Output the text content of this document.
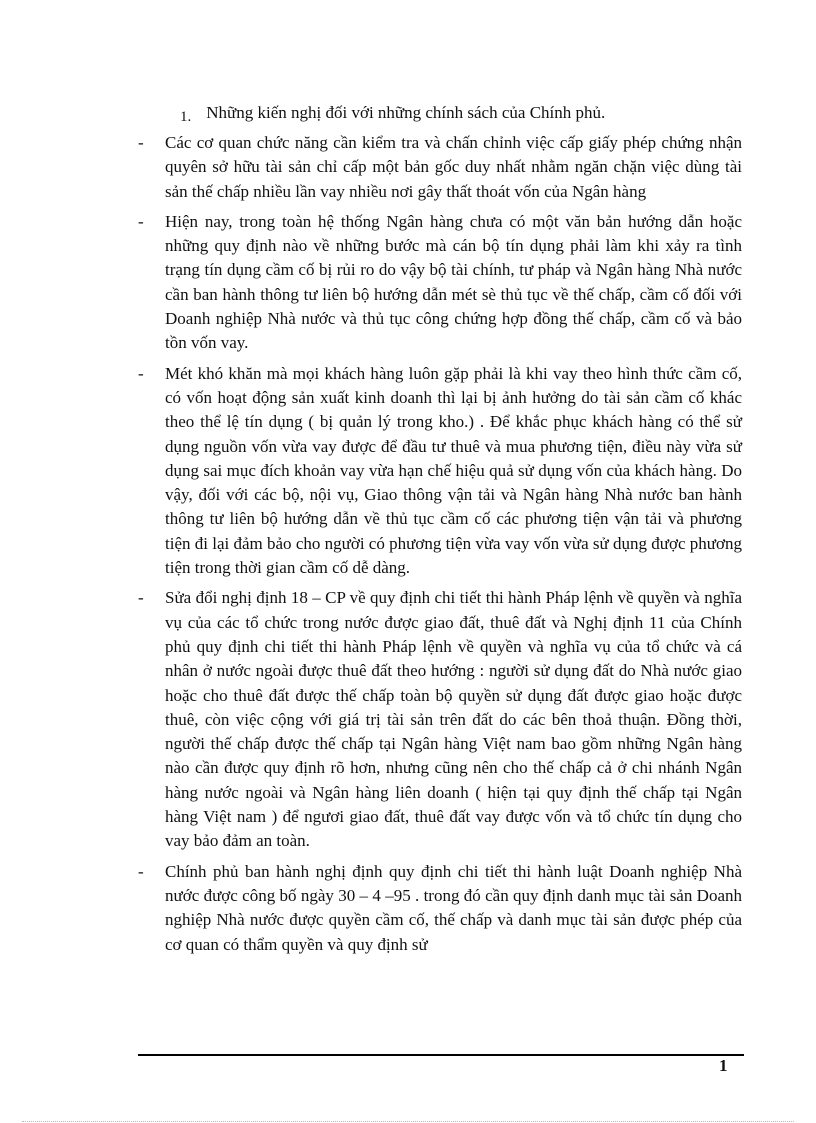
1. Những kiến nghị đối với những chính sách của Chính phủ.
-	Các cơ quan chức năng cần kiểm tra và chấn chỉnh việc cấp giấy phép chứng nhận quyên sở hữu tài sản chỉ cấp một bản gốc duy nhất nhằm ngăn chặn việc dùng tài sản thế chấp nhiều lần vay nhiều nơi gây thất thoát vốn của Ngân hàng
-	Hiện nay, trong toàn hệ thống Ngân hàng chưa có một văn bản hướng dẫn hoặc những quy định nào về những bước mà cán bộ tín dụng phải làm khi xảy ra tình trạng tín dụng cầm cố bị rủi ro do vậy bộ tài chính, tư pháp và Ngân hàng Nhà nước cần ban hành thông tư liên bộ hướng dẫn mét sè thủ tục về thế chấp, cầm cố đối với Doanh nghiệp Nhà nước và thủ tục công chứng hợp đồng thế chấp, cầm cố và bảo tồn vốn vay.
-	Mét khó khăn mà mọi khách hàng luôn gặp phải là khi vay theo hình thức cầm cố, có vốn hoạt động sản xuất kinh doanh thì lại bị ảnh hưởng do tài sản cầm cố khác theo thể lệ tín dụng ( bị quản lý trong kho.) . Để khắc phục khách hàng có thể sử dụng nguồn vốn vừa vay được để đầu tư thuê và mua phương tiện, điều này vừa sử dụng sai mục đích khoản vay vừa hạn chế hiệu quả sử dụng vốn của khách hàng. Do vậy, đối với các bộ, nội vụ, Giao thông vận tải và Ngân hàng Nhà nước ban hành thông tư liên bộ hướng dẫn về thủ tục cầm cố các phương tiện vận tải và phương tiện đi lại đảm bảo cho người có phương tiện vừa vay vốn vừa sử dụng được phương tiện trong thời gian cầm cố dễ dàng.
-	Sửa đổi nghị định 18 – CP về quy định chi tiết thi hành Pháp lệnh về quyền và nghĩa vụ của các tổ chức trong nước được giao đất, thuê đất và Nghị định 11 của Chính phủ quy định chi tiết thi hành Pháp lệnh về quyền và nghĩa vụ của tổ chức và cá nhân ở nước ngoài được thuê đất theo hướng : người sử dụng đất do Nhà nước giao hoặc cho thuê đất được thế chấp toàn bộ quyền sử dụng đất được giao hoặc được thuê, còn việc cộng với giá trị tài sản trên đất do các bên thoả thuận. Đồng thời, người thế chấp được thế chấp tại Ngân hàng Việt nam bao gồm những Ngân hàng nào cần được quy định rõ hơn, nhưng cũng nên cho thế chấp cả ở chi nhánh Ngân hàng nước ngoài và Ngân hàng liên doanh ( hiện tại quy định thế chấp tại Ngân hàng Việt nam ) để ngươi giao đất, thuê đất vay được vốn và tổ chức tín dụng cho vay bảo đảm an toàn.
-	Chính phủ ban hành nghị định quy định chi tiết thi hành luật Doanh nghiệp Nhà nước được công bố ngày 30 – 4 –95 . trong đó cần quy định danh mục tài sản Doanh nghiệp Nhà nước được quyền cầm cố, thế chấp và danh mục tài sản được phép của cơ quan có thẩm quyền và quy định sử
1
